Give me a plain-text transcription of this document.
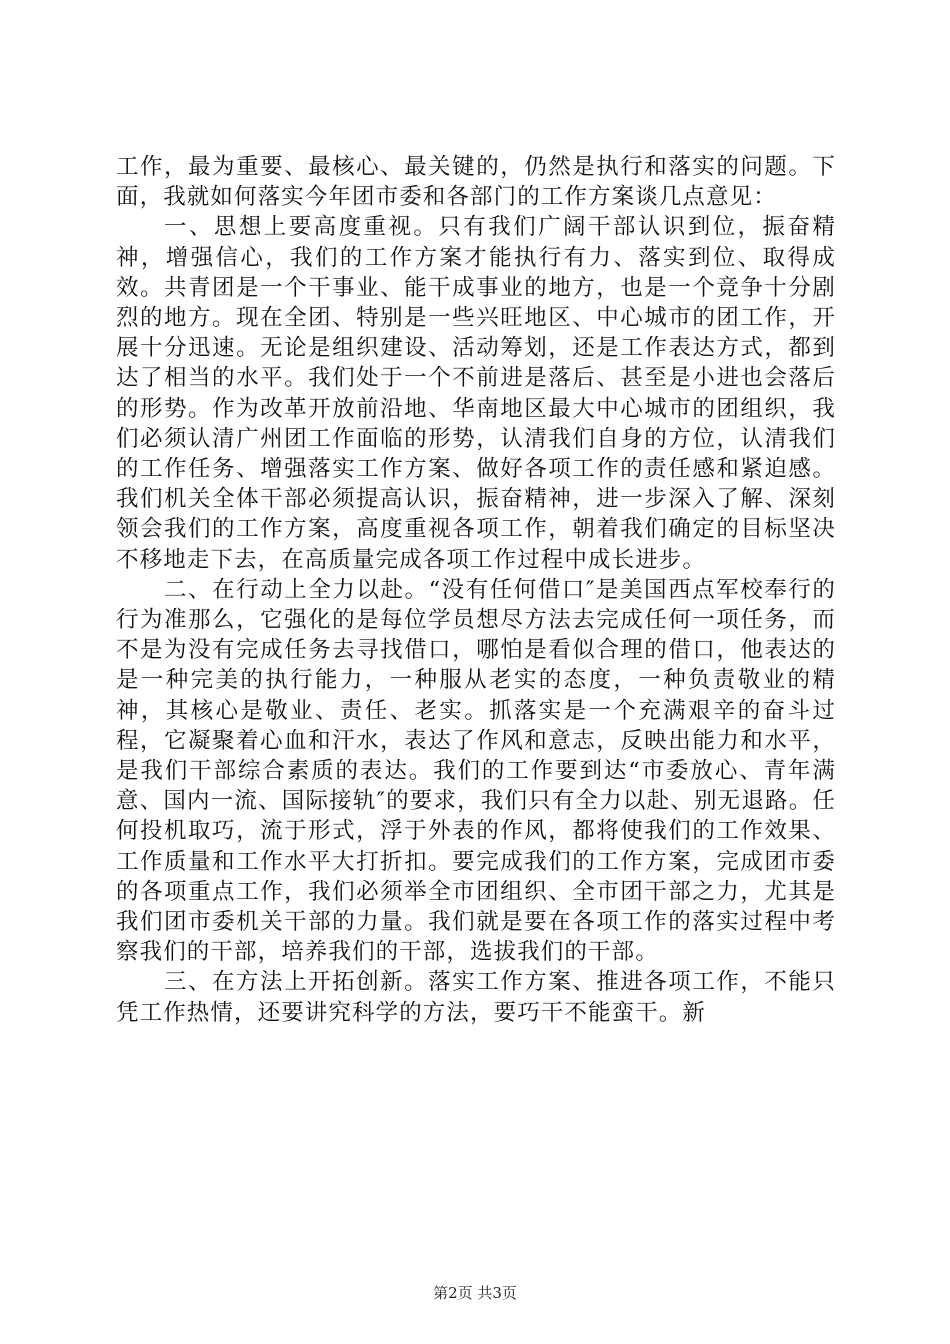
工作，最为重要、最核心、最关键的，仍然是执行和落实的问题。下面，我就如何落实今年团市委和各部门的工作方案谈几点意见：

一、思想上要高度重视。只有我们广阔干部认识到位，振奋精神，增强信心，我们的工作方案才能执行有力、落实到位、取得成效。共青团是一个干事业、能干成事业的地方，也是一个竞争十分剧烈的地方。现在全团、特别是一些兴旺地区、中心城市的团工作，开展十分迅速。无论是组织建设、活动筹划，还是工作表达方式，都到达了相当的水平。我们处于一个不前进是落后、甚至是小进也会落后的形势。作为改革开放前沿地、华南地区最大中心城市的团组织，我们必须认清广州团工作面临的形势，认清我们自身的方位，认清我们的工作任务、增强落实工作方案、做好各项工作的责任感和紧迫感。我们机关全体干部必须提高认识，振奋精神，进一步深入了解、深刻领会我们的工作方案，高度重视各项工作，朝着我们确定的目标坚决不移地走下去，在高质量完成各项工作过程中成长进步。

二、在行动上全力以赴。“没有任何借口″是美国西点军校奉行的行为准那么，它强化的是每位学员想尽方法去完成任何一项任务，而不是为没有完成任务去寻找借口，哪怕是看似合理的借口，他表达的是一种完美的执行能力，一种服从老实的态度，一种负责敬业的精神，其核心是敬业、责任、老实。抓落实是一个充满艰辛的奋斗过程，它凝聚着心血和汗水，表达了作风和意志，反映出能力和水平，是我们干部综合素质的表达。我们的工作要到达“市委放心、青年满意、国内一流、国际接轨″的要求，我们只有全力以赴、别无退路。任何投机取巧，流于形式，浮于外表的作风，都将使我们的工作效果、工作质量和工作水平大打折扣。要完成我们的工作方案，完成团市委的各项重点工作，我们必须举全市团组织、全市团干部之力，尤其是我们团市委机关干部的力量。我们就是要在各项工作的落实过程中考察我们的干部，培养我们的干部，选拔我们的干部。

三、在方法上开拓创新。落实工作方案、推进各项工作，不能只凭工作热情，还要讲究科学的方法，要巧干不能蛮干。新

第2页 共3页
